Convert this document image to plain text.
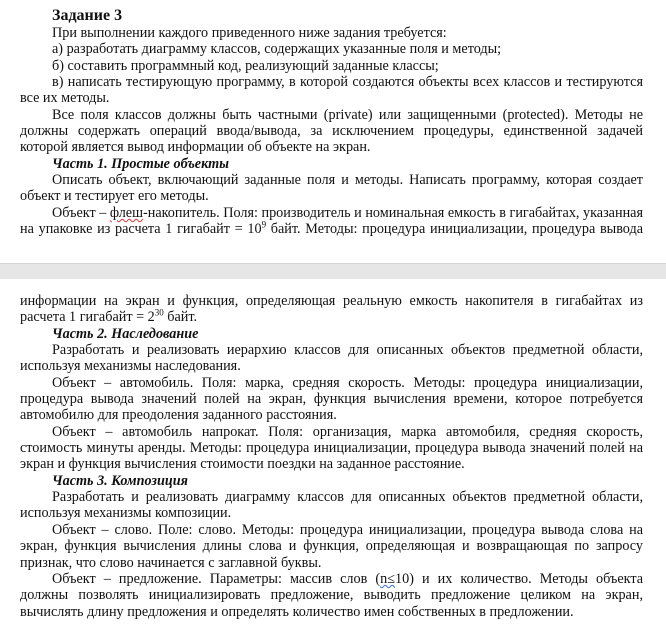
Задание 3

При выполнении каждого приведенного ниже задания требуется:

а) разработать диаграмму классов, содержащих указанные поля и методы;

б) составить программный код, реализующий заданные классы;

в) написать тестирующую программу, в которой создаются объекты всех классов и тестируются все их методы.

Все поля классов должны быть частными (private) или защищенными (protected). Методы не должны содержать операций ввода/вывода, за исключением процедуры, единственной задачей которой является вывод информации об объекте на экран.

Часть 1. Простые объекты

Описать объект, включающий заданные поля и методы. Написать программу, которая создает объект и тестирует его методы.

Объект – флеш-накопитель. Поля: производитель и номинальная емкость в гигабайтах, указанная на упаковке из расчета 1 гигабайт = $10^9$ байт. Методы: процедура инициализации, процедура вывода

информации на экран и функция, определяющая реальную емкость накопителя в гигабайтах из расчета 1 гигабайт = $2^{30}$ байт.

Часть 2. Наследование

Разработать и реализовать иерархию классов для описанных объектов предметной области, используя механизмы наследования.

Объект – автомобиль. Поля: марка, средняя скорость. Методы: процедура инициализации, процедура вывода значений полей на экран, функция вычисления времени, которое потребуется автомобилю для преодоления заданного расстояния.

Объект – автомобиль напрокат. Поля: организация, марка автомобиля, средняя скорость, стоимость минуты аренды. Методы: процедура инициализации, процедура вывода значений полей на экран и функция вычисления стоимости поездки на заданное расстояние.

Часть 3. Композиция

Разработать и реализовать диаграмму классов для описанных объектов предметной области, используя механизмы композиции.

Объект – слово. Поле: слово. Методы: процедура инициализации, процедура вывода слова на экран, функция вычисления длины слова и функция, определяющая и возвращающая по запросу признак, что слово начинается с заглавной буквы.

Объект – предложение. Параметры: массив слов (n≤10) и их количество. Методы объекта должны позволять инициализировать предложение, выводить предложение целиком на экран, вычислять длину предложения и определять количество имен собственных в предложении.
